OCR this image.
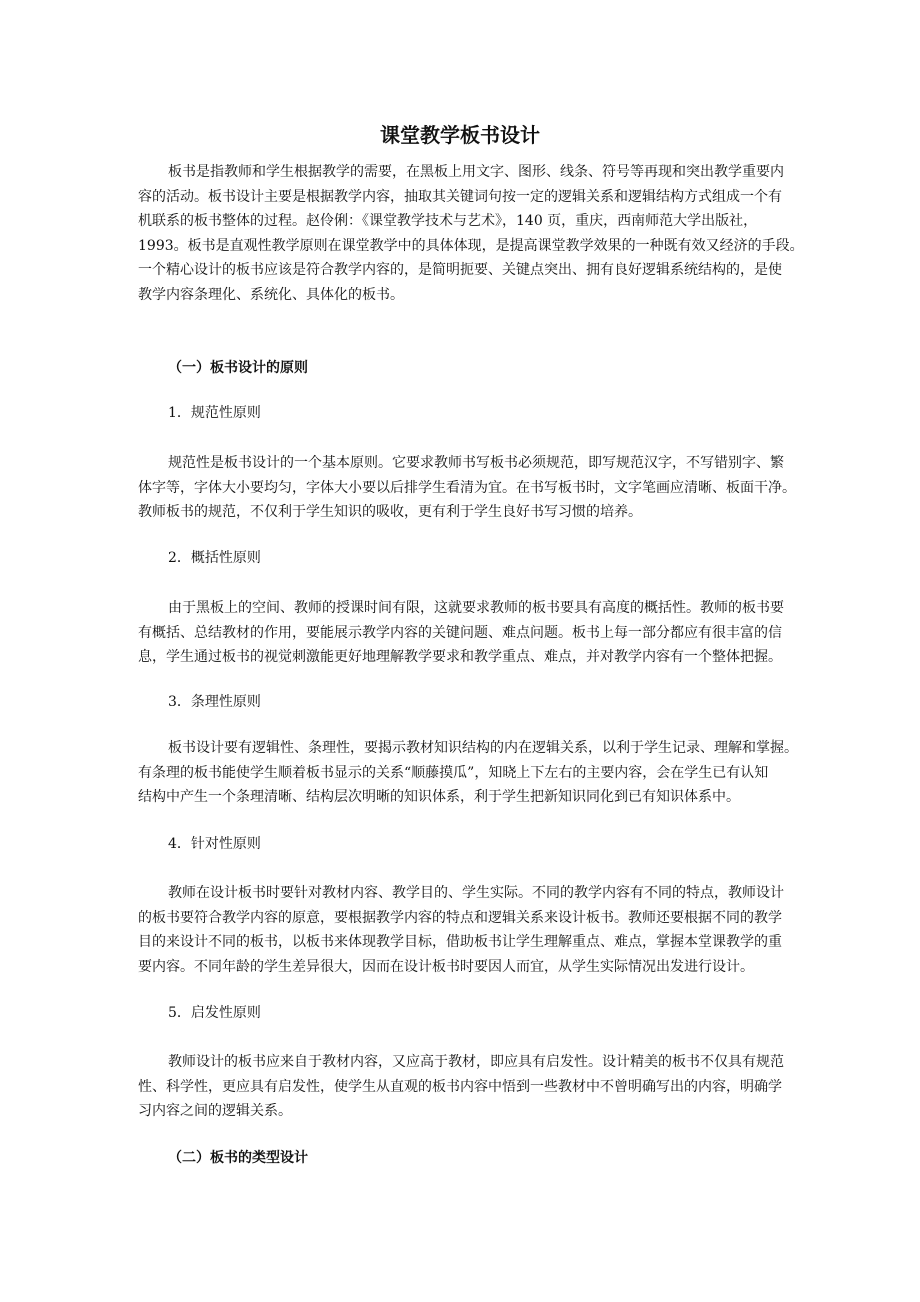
课堂教学板书设计
板书是指教师和学生根据教学的需要，在黑板上用文字、图形、线条、符号等再现和突出教学重要内
容的活动。板书设计主要是根据教学内容，抽取其关键词句按一定的逻辑关系和逻辑结构方式组成一个有
机联系的板书整体的过程。赵伶俐：《课堂教学技术与艺术》，140 页，重庆，西南师范大学出版社，
1993。板书是直观性教学原则在课堂教学中的具体体现，是提高课堂教学效果的一种既有效又经济的手段。
一个精心设计的板书应该是符合教学内容的，是简明扼要、关键点突出、拥有良好逻辑系统结构的，是使
教学内容条理化、系统化、具体化的板书。
（一）板书设计的原则
1．规范性原则
规范性是板书设计的一个基本原则。它要求教师书写板书必须规范，即写规范汉字，不写错别字、繁
体字等，字体大小要均匀，字体大小要以后排学生看清为宜。在书写板书时，文字笔画应清晰、板面干净。
教师板书的规范，不仅利于学生知识的吸收，更有利于学生良好书写习惯的培养。
2．概括性原则
由于黑板上的空间、教师的授课时间有限，这就要求教师的板书要具有高度的概括性。教师的板书要
有概括、总结教材的作用，要能展示教学内容的关键问题、难点问题。板书上每一部分都应有很丰富的信
息，学生通过板书的视觉刺激能更好地理解教学要求和教学重点、难点，并对教学内容有一个整体把握。
3．条理性原则
板书设计要有逻辑性、条理性，要揭示教材知识结构的内在逻辑关系，以利于学生记录、理解和掌握。
有条理的板书能使学生顺着板书显示的关系“顺藤摸瓜”，知晓上下左右的主要内容，会在学生已有认知
结构中产生一个条理清晰、结构层次明晰的知识体系，利于学生把新知识同化到已有知识体系中。
4．针对性原则
教师在设计板书时要针对教材内容、教学目的、学生实际。不同的教学内容有不同的特点，教师设计
的板书要符合教学内容的原意，要根据教学内容的特点和逻辑关系来设计板书。教师还要根据不同的教学
目的来设计不同的板书，以板书来体现教学目标，借助板书让学生理解重点、难点，掌握本堂课教学的重
要内容。不同年龄的学生差异很大，因而在设计板书时要因人而宜，从学生实际情况出发进行设计。
5．启发性原则
教师设计的板书应来自于教材内容，又应高于教材，即应具有启发性。设计精美的板书不仅具有规范
性、科学性，更应具有启发性，使学生从直观的板书内容中悟到一些教材中不曾明确写出的内容，明确学
习内容之间的逻辑关系。
（二）板书的类型设计
